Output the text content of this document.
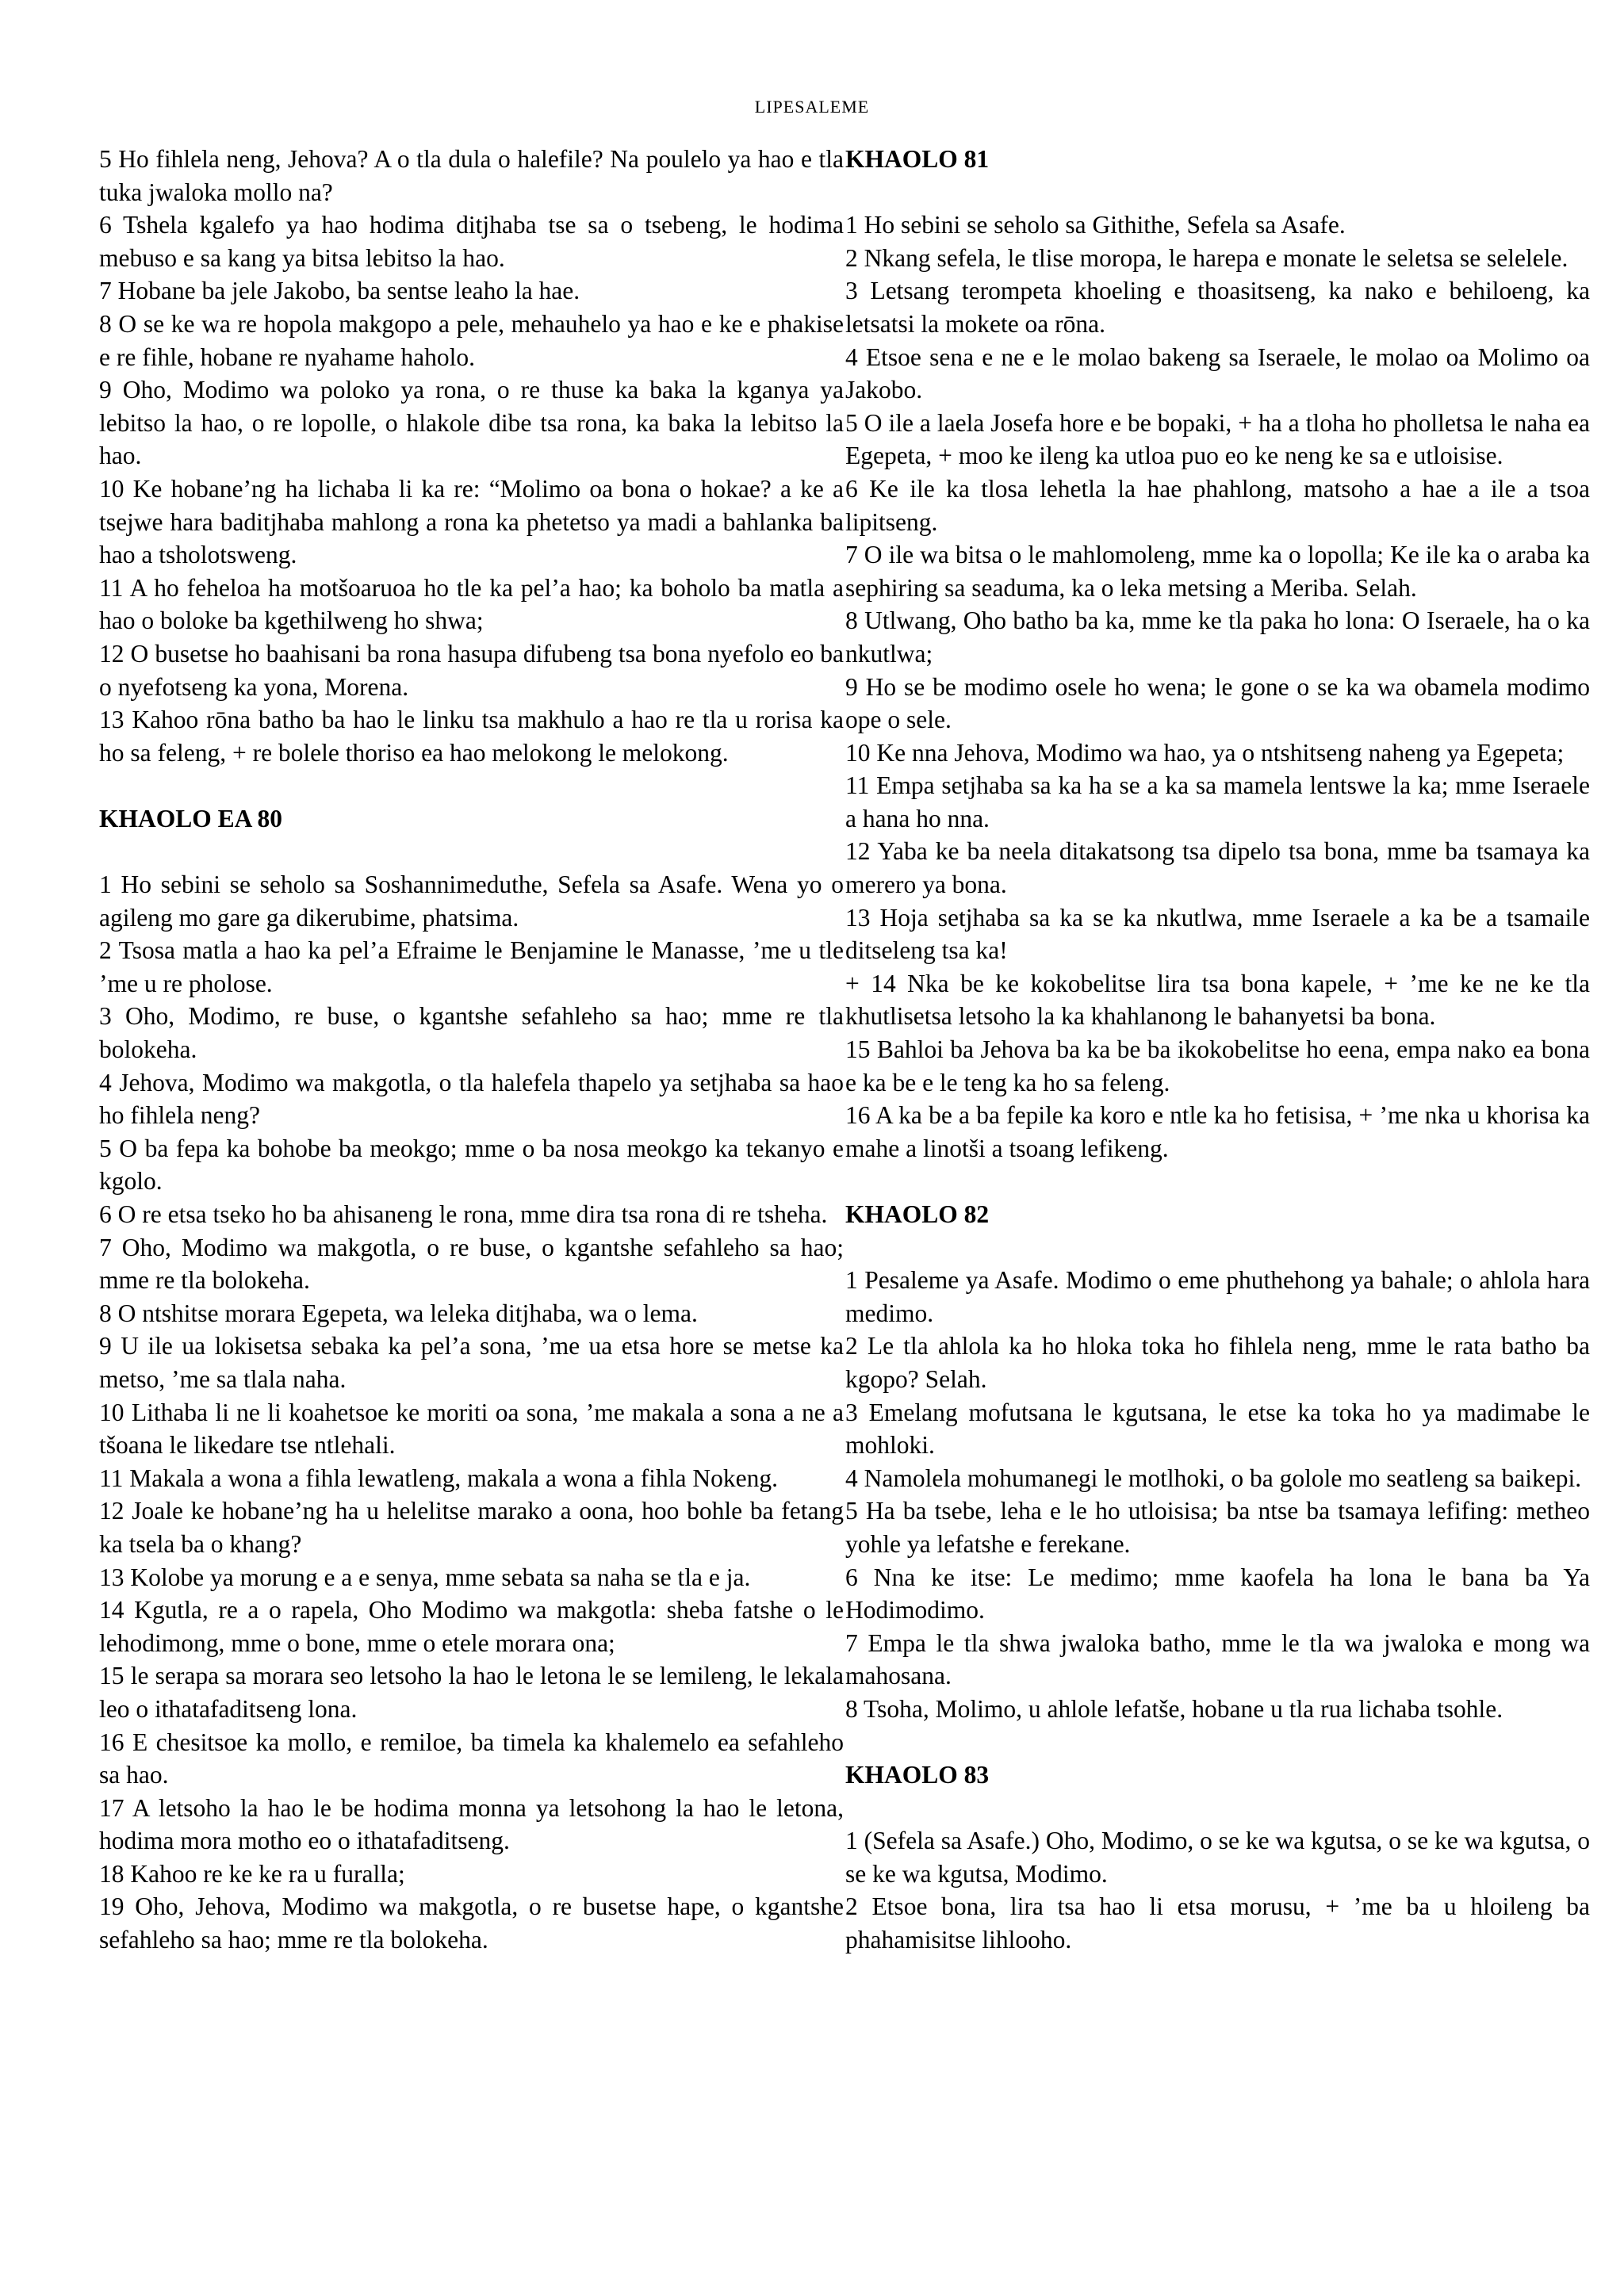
LIPESALEME

5 Ho fihlela neng, Jehova? A o tla dula o halefile? Na poulelo ya hao e tla tuka jwaloka mollo na?

6 Tshela kgalefo ya hao hodima ditjhaba tse sa o tsebeng, le hodima mebuso e sa kang ya bitsa lebitso la hao.

7 Hobane ba jele Jakobo, ba sentse leaho la hae.

8 O se ke wa re hopola makgopo a pele, mehauhelo ya hao e ke e phakise e re fihle, hobane re nyahame haholo.

9 Oho, Modimo wa poloko ya rona, o re thuse ka baka la kganya ya lebitso la hao, o re lopolle, o hlakole dibe tsa rona, ka baka la lebitso la hao.

10 Ke hobane’ng ha lichaba li ka re: “Molimo oa bona o hokae? a ke a tsejwe hara baditjhaba mahlong a rona ka phetetso ya madi a bahlanka ba hao a tsholotsweng.

11 A ho feheloa ha motšoaruoa ho tle ka pel’a hao; ka boholo ba matla a hao o boloke ba kgethilweng ho shwa;

12 O busetse ho baahisani ba rona hasupa difubeng tsa bona nyefolo eo ba o nyefotseng ka yona, Morena.

13 Kahoo rōna batho ba hao le linku tsa makhulo a hao re tla u rorisa ka ho sa feleng, + re bolele thoriso ea hao melokong le melokong.

KHAOLO EA 80

1 Ho sebini se seholo sa Soshannimeduthe, Sefela sa Asafe. Wena yo o agileng mo gare ga dikerubime, phatsima.

2 Tsosa matla a hao ka pel’a Efraime le Benjamine le Manasse, ’me u tle ’me u re pholose.

3 Oho, Modimo, re buse, o kgantshe sefahleho sa hao; mme re tla bolokeha.

4 Jehova, Modimo wa makgotla, o tla halefela thapelo ya setjhaba sa hao ho fihlela neng?

5 O ba fepa ka bohobe ba meokgo; mme o ba nosa meokgo ka tekanyo e kgolo.

6 O re etsa tseko ho ba ahisaneng le rona, mme dira tsa rona di re tsheha.

7 Oho, Modimo wa makgotla, o re buse, o kgantshe sefahleho sa hao; mme re tla bolokeha.

8 O ntshitse morara Egepeta, wa leleka ditjhaba, wa o lema.

9 U ile ua lokisetsa sebaka ka pel’a sona, ’me ua etsa hore se metse ka metso, ’me sa tlala naha.

10 Lithaba li ne li koahetsoe ke moriti oa sona, ’me makala a sona a ne a tšoana le likedare tse ntlehali.

11 Makala a wona a fihla lewatleng, makala a wona a fihla Nokeng.

12 Joale ke hobane’ng ha u helelitse marako a oona, hoo bohle ba fetang ka tsela ba o khang?

13 Kolobe ya morung e a e senya, mme sebata sa naha se tla e ja.

14 Kgutla, re a o rapela, Oho Modimo wa makgotla: sheba fatshe o le lehodimong, mme o bone, mme o etele morara ona;

15 le serapa sa morara seo letsoho la hao le letona le se lemileng, le lekala leo o ithatafaditseng lona.

16 E chesitsoe ka mollo, e remiloe, ba timela ka khalemelo ea sefahleho sa hao.

17 A letsoho la hao le be hodima monna ya letsohong la hao le letona, hodima mora motho eo o ithatafaditseng.

18 Kahoo re ke ke ra u furalla;

19 Oho, Jehova, Modimo wa makgotla, o re busetse hape, o kgantshe sefahleho sa hao; mme re tla bolokeha.

KHAOLO 81

1 Ho sebini se seholo sa Githithe, Sefela sa Asafe.

2 Nkang sefela, le tlise moropa, le harepa e monate le seletsa se selelele.

3 Letsang terompeta khoeling e thoasitseng, ka nako e behiloeng, ka letsatsi la mokete oa rōna.

4 Etsoe sena e ne e le molao bakeng sa Iseraele, le molao oa Molimo oa Jakobo.

5 O ile a laela Josefa hore e be bopaki, + ha a tloha ho pholletsa le naha ea Egepeta, + moo ke ileng ka utloa puo eo ke neng ke sa e utloisise.

6 Ke ile ka tlosa lehetla la hae phahlong, matsoho a hae a ile a tsoa lipitseng.

7 O ile wa bitsa o le mahlomoleng, mme ka o lopolla; Ke ile ka o araba ka sephiring sa seaduma, ka o leka metsing a Meriba. Selah.

8 Utlwang, Oho batho ba ka, mme ke tla paka ho lona: O Iseraele, ha o ka nkutlwa;

9 Ho se be modimo osele ho wena; le gone o se ka wa obamela modimo ope o sele.

10 Ke nna Jehova, Modimo wa hao, ya o ntshitseng naheng ya Egepeta;

11 Empa setjhaba sa ka ha se a ka sa mamela lentswe la ka; mme Iseraele a hana ho nna.

12 Yaba ke ba neela ditakatsong tsa dipelo tsa bona, mme ba tsamaya ka merero ya bona.

13 Hoja setjhaba sa ka se ka nkutlwa, mme Iseraele a ka be a tsamaile ditseleng tsa ka!

+ 14 Nka be ke kokobelitse lira tsa bona kapele, + ’me ke ne ke tla khutlisetsa letsoho la ka khahlanong le bahanyetsi ba bona.

15 Bahloi ba Jehova ba ka be ba ikokobelitse ho eena, empa nako ea bona e ka be e le teng ka ho sa feleng.

16 A ka be a ba fepile ka koro e ntle ka ho fetisisa, + ’me nka u khorisa ka mahe a linotši a tsoang lefikeng.

KHAOLO 82

1 Pesaleme ya Asafe. Modimo o eme phuthehong ya bahale; o ahlola hara medimo.

2 Le tla ahlola ka ho hloka toka ho fihlela neng, mme le rata batho ba kgopo? Selah.

3 Emelang mofutsana le kgutsana, le etse ka toka ho ya madimabe le mohloki.

4 Namolela mohumanegi le motlhoki, o ba golole mo seatleng sa baikepi.

5 Ha ba tsebe, leha e le ho utloisisa; ba ntse ba tsamaya lefifing: metheo yohle ya lefatshe e ferekane.

6 Nna ke itse: Le medimo; mme kaofela ha lona le bana ba Ya Hodimodimo.

7 Empa le tla shwa jwaloka batho, mme le tla wa jwaloka e mong wa mahosana.

8 Tsoha, Molimo, u ahlole lefatše, hobane u tla rua lichaba tsohle.

KHAOLO 83

1 (Sefela sa Asafe.) Oho, Modimo, o se ke wa kgutsa, o se ke wa kgutsa, o se ke wa kgutsa, Modimo.

2 Etsoe bona, lira tsa hao li etsa morusu, + ’me ba u hloileng ba phahamisitse lihlooho.
